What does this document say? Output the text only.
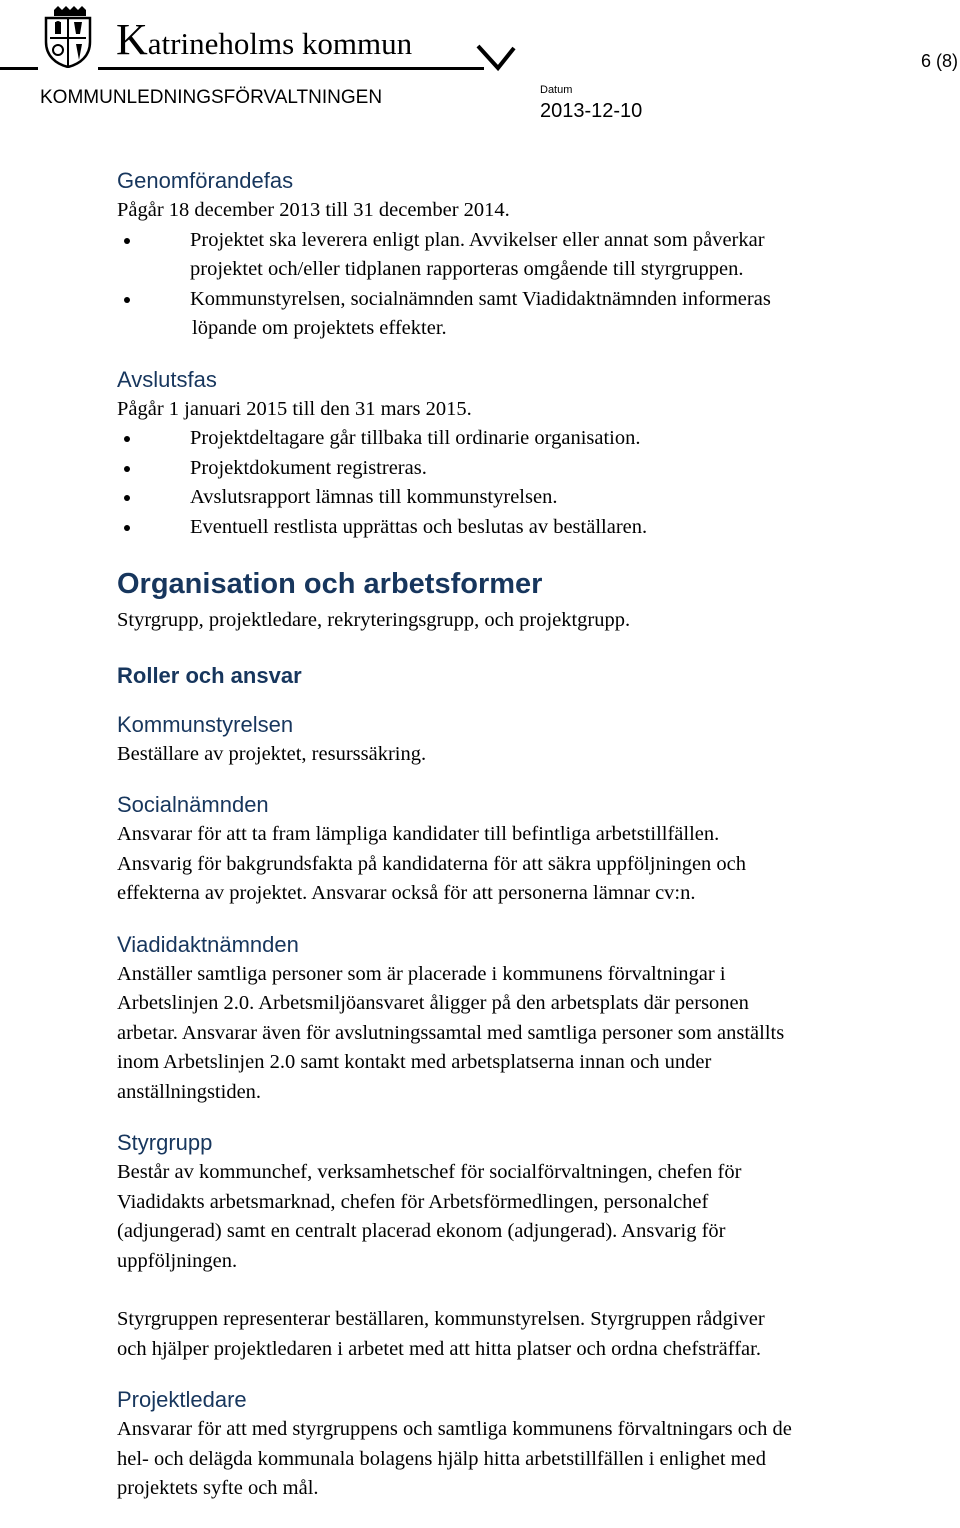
Katrineholms kommun	6 (8)
KOMMUNLEDNINGSFÖRVALTNINGEN	Datum
2013-12-10
Genomförandefas
Pågår 18 december 2013 till 31 december 2014.
Projektet ska leverera enligt plan. Avvikelser eller annat som påverkar
projektet och/eller tidplanen rapporteras omgående till styrgruppen.
Kommunstyrelsen, socialnämnden samt Viadidaktnämnden informeras
löpande om projektets effekter.
Avslutsfas
Pågår 1 januari 2015 till den 31 mars 2015.
Projektdeltagare går tillbaka till ordinarie organisation.
Projektdokument registreras.
Avslutsrapport lämnas till kommunstyrelsen.
Eventuell restlista upprättas och beslutas av beställaren.
Organisation och arbetsformer
Styrgrupp, projektledare, rekryteringsgrupp, och projektgrupp.
Roller och ansvar
Kommunstyrelsen
Beställare av projektet, resurssäkring.
Socialnämnden
Ansvarar för att ta fram lämpliga kandidater till befintliga arbetstillfällen.
Ansvarig för bakgrundsfakta på kandidaterna för att säkra uppföljningen och
effekterna av projektet. Ansvarar också för att personerna lämnar cv:n.
Viadidaktnämnden
Anställer samtliga personer som är placerade i kommunens förvaltningar i
Arbetslinjen 2.0. Arbetsmiljöansvaret åligger på den arbetsplats där personen
arbetar. Ansvarar även för avslutningssamtal med samtliga personer som anställts
inom Arbetslinjen 2.0 samt kontakt med arbetsplatserna innan och under
anställningstiden.
Styrgrupp
Består av kommunchef, verksamhetschef för socialförvaltningen, chefen för
Viadidakts arbetsmarknad, chefen för Arbetsförmedlingen, personalchef
(adjungerad) samt en centralt placerad ekonom (adjungerad). Ansvarig för
uppföljningen.
Styrgruppen representerar beställaren, kommunstyrelsen. Styrgruppen rådgiver
och hjälper projektledaren i arbetet med att hitta platser och ordna chefsträffar.
Projektledare
Ansvarar för att med styrgruppens och samtliga kommunens förvaltningars och de
hel- och delägda kommunala bolagens hjälp hitta arbetstillfällen i enlighet med
projektets syfte och mål.
